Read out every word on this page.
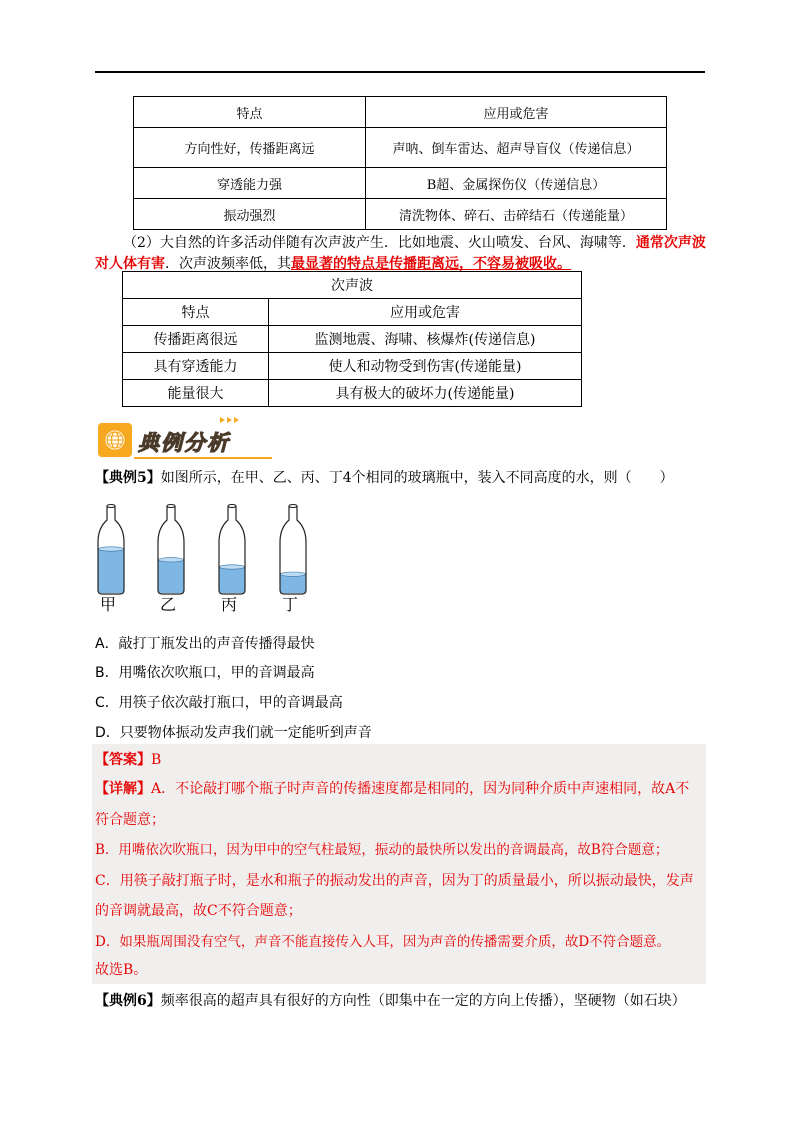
特点	应用或危害
方向性好，传播距离远	声呐、倒车雷达、超声导盲仪（传递信息）
穿透能力强	B超、金属探伤仪（传递信息）
振动强烈	清洗物体、碎石、击碎结石（传递能量）
（2）大自然的许多活动伴随有次声波产生．比如地震、火山喷发、台风、海啸等．通常次声波对人体有害．次声波频率低，其最显著的特点是传播距离远，不容易被吸收。
次声波	
特点	应用或危害
传播距离很远	监测地震、海啸、核爆炸(传递信息)
具有穿透能力	使人和动物受到伤害(传递能量)
能量很大	具有极大的破坏力(传递能量)
典例分析
【典例5】如图所示，在甲、乙、丙、丁4个相同的玻璃瓶中，装入不同高度的水，则（　　）
甲	乙	丙	丁
A．敲打丁瓶发出的声音传播得最快
B．用嘴依次吹瓶口，甲的音调最高
C．用筷子依次敲打瓶口，甲的音调最高
D．只要物体振动发声我们就一定能听到声音
【答案】B
【详解】A．不论敲打哪个瓶子时声音的传播速度都是相同的，因为同种介质中声速相同，故A不
符合题意；
B．用嘴依次吹瓶口，因为甲中的空气柱最短，振动的最快所以发出的音调最高，故B符合题意；
C．用筷子敲打瓶子时，是水和瓶子的振动发出的声音，因为丁的质量最小，所以振动最快，发声
的音调就最高，故C不符合题意；
D．如果瓶周围没有空气，声音不能直接传入人耳，因为声音的传播需要介质，故D不符合题意。
故选B。
【典例6】频率很高的超声具有很好的方向性（即集中在一定的方向上传播），坚硬物（如石块）
